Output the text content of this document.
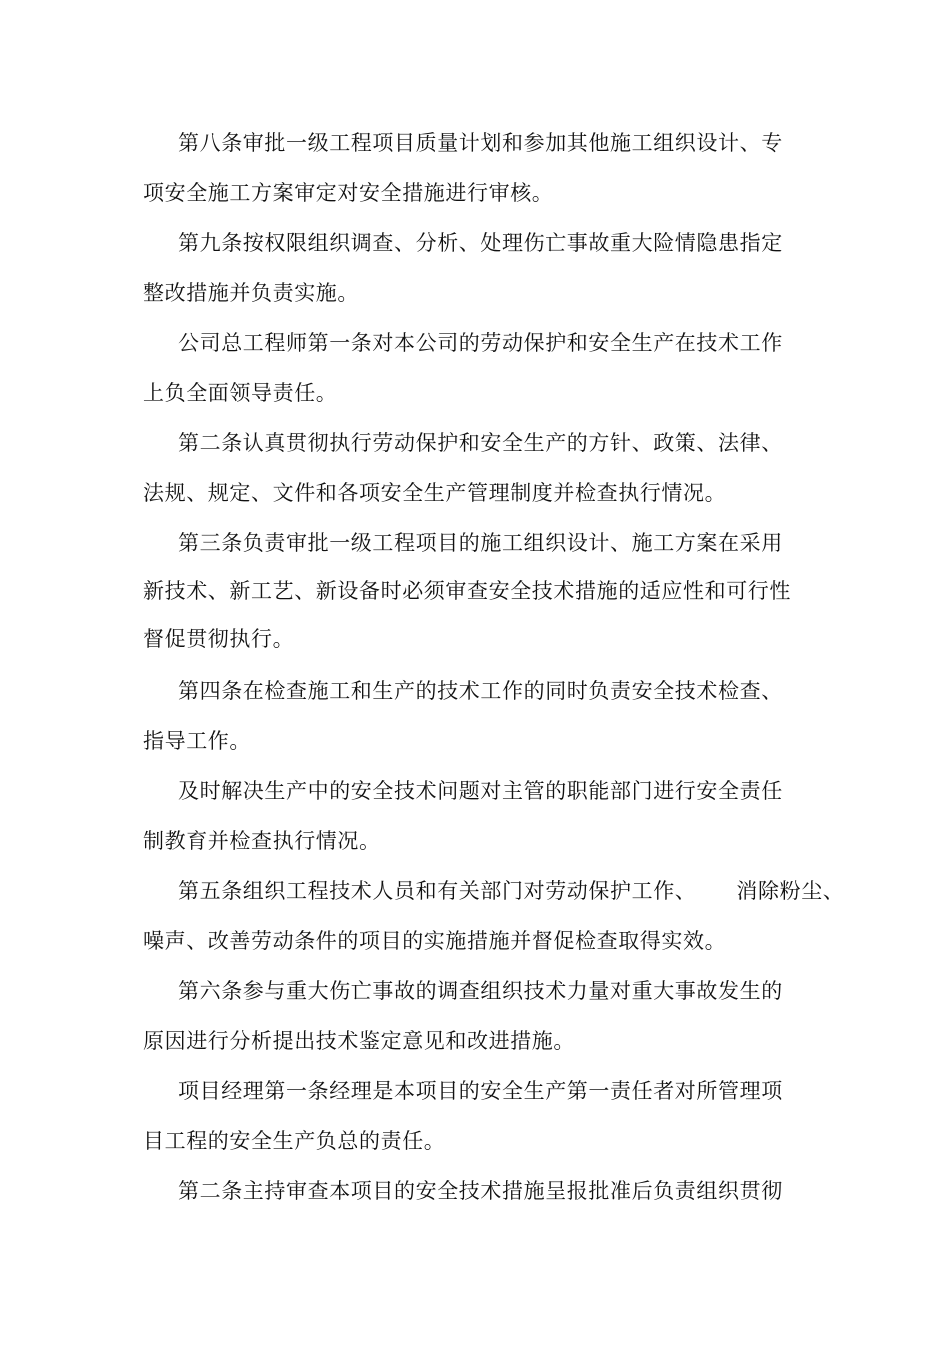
第八条审批一级工程项目质量计划和参加其他施工组织设计、专
项安全施工方案审定对安全措施进行审核。
第九条按权限组织调查、分析、处理伤亡事故重大险情隐患指定
整改措施并负责实施。
公司总工程师第一条对本公司的劳动保护和安全生产在技术工作
上负全面领导责任。
第二条认真贯彻执行劳动保护和安全生产的方针、政策、法律、
法规、规定、文件和各项安全生产管理制度并检查执行情况。
第三条负责审批一级工程项目的施工组织设计、施工方案在采用
新技术、新工艺、新设备时必须审查安全技术措施的适应性和可行性
督促贯彻执行。
第四条在检查施工和生产的技术工作的同时负责安全技术检查、
指导工作。
及时解决生产中的安全技术问题对主管的职能部门进行安全责任
制教育并检查执行情况。
第五条组织工程技术人员和有关部门对劳动保护工作、 消除粉尘、
噪声、改善劳动条件的项目的实施措施并督促检查取得实效。
第六条参与重大伤亡事故的调查组织技术力量对重大事故发生的
原因进行分析提出技术鉴定意见和改进措施。
项目经理第一条经理是本项目的安全生产第一责任者对所管理项
目工程的安全生产负总的责任。
第二条主持审查本项目的安全技术措施呈报批准后负责组织贯彻
